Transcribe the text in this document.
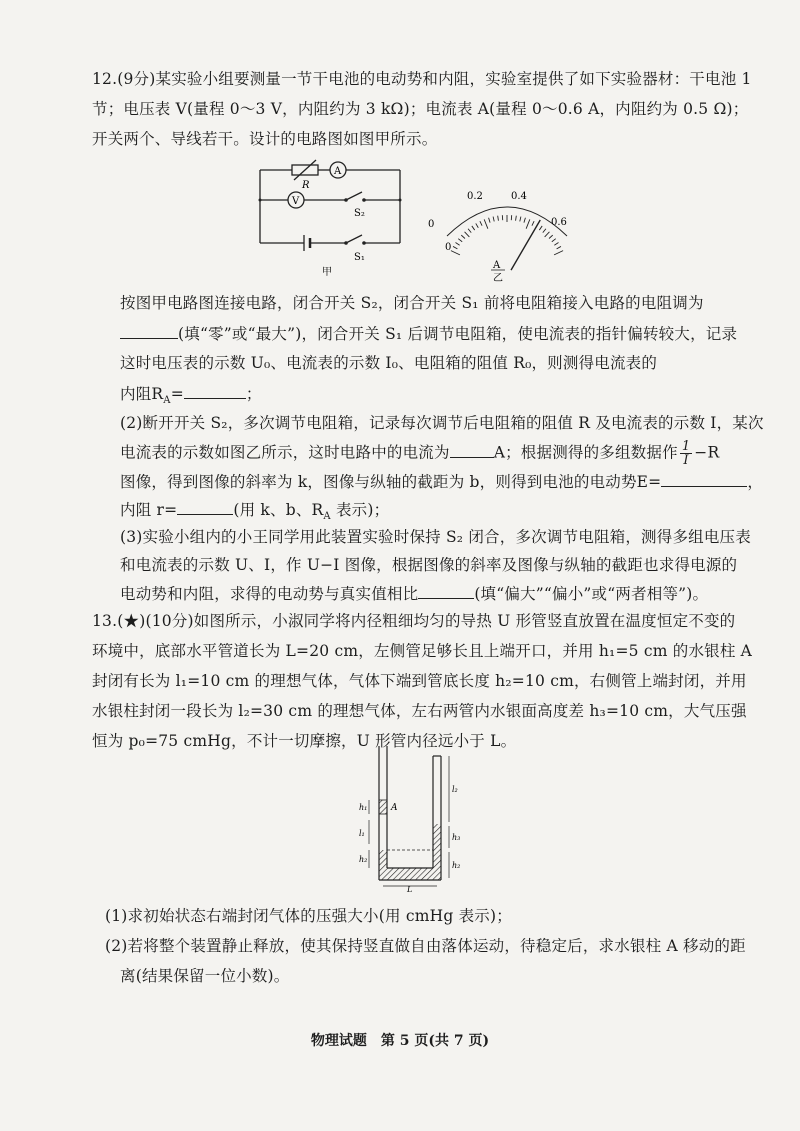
12.(9分)某实验小组要测量一节干电池的电动势和内阻，实验室提供了如下实验器材：干电池 1
节；电压表 V(量程 0～3 V，内阻约为 3 kΩ)；电流表 A(量程 0～0.6 A，内阻约为 0.5 Ω)；
开关两个、导线若干。设计的电路图如图甲所示。
R
A
V
S₂
S₁
甲
0
0.2	0.4
0.6
0
A
乙
按图甲电路图连接电路，闭合开关 S₂，闭合开关 S₁ 前将电阻箱接入电路的电阻调为
(填“零”或“最大”)，闭合开关 S₁ 后调节电阻箱，使电流表的指针偏转较大，记录
这时电压表的示数 U₀、电流表的示数 I₀、电阻箱的阻值 R₀，则测得电流表的
内阻$R_A=$	；
(2)断开开关 S₂，多次调节电阻箱，记录每次调节后电阻箱的阻值 R 及电流表的示数 I，某次
电流表的示数如图乙所示，这时电路中的电流为	A；根据测得的多组数据作 $\frac{1}{I} -R$
图像，得到图像的斜率为 k，图像与纵轴的截距为 b，则得到电池的电动势E=	，
内阻 r=	(用 k、b、$R_A$ 表示)；
(3)实验小组内的小王同学用此装置实验时保持 S₂ 闭合，多次调节电阻箱，测得多组电压表
和电流表的示数 U、I，作 U−I 图像，根据图像的斜率及图像与纵轴的截距也求得电源的
电动势和内阻，求得的电动势与真实值相比	(填“偏大”“偏小”或“两者相等”)。
13.(★)(10分)如图所示，小淑同学将内径粗细均匀的导热 U 形管竖直放置在温度恒定不变的
环境中，底部水平管道长为 L=20 cm，左侧管足够长且上端开口，并用 h₁=5 cm 的水银柱 A
封闭有长为 l₁=10 cm 的理想气体，气体下端到管底长度 h₂=10 cm，右侧管上端封闭，并用
水银柱封闭一段长为 l₂=30 cm 的理想气体，左右两管内水银面高度差 h₃=10 cm，大气压强
恒为 p₀=75 cmHg，不计一切摩擦，U 形管内径远小于 L。
h₁	A
l₁
h₂
l₂
h₃
h₂
L
(1)求初始状态右端封闭气体的压强大小(用 cmHg 表示)；
(2)若将整个装置静止释放，使其保持竖直做自由落体运动，待稳定后，求水银柱 A 移动的距
离(结果保留一位小数)。
物理试题　第 5 页(共 7 页)
